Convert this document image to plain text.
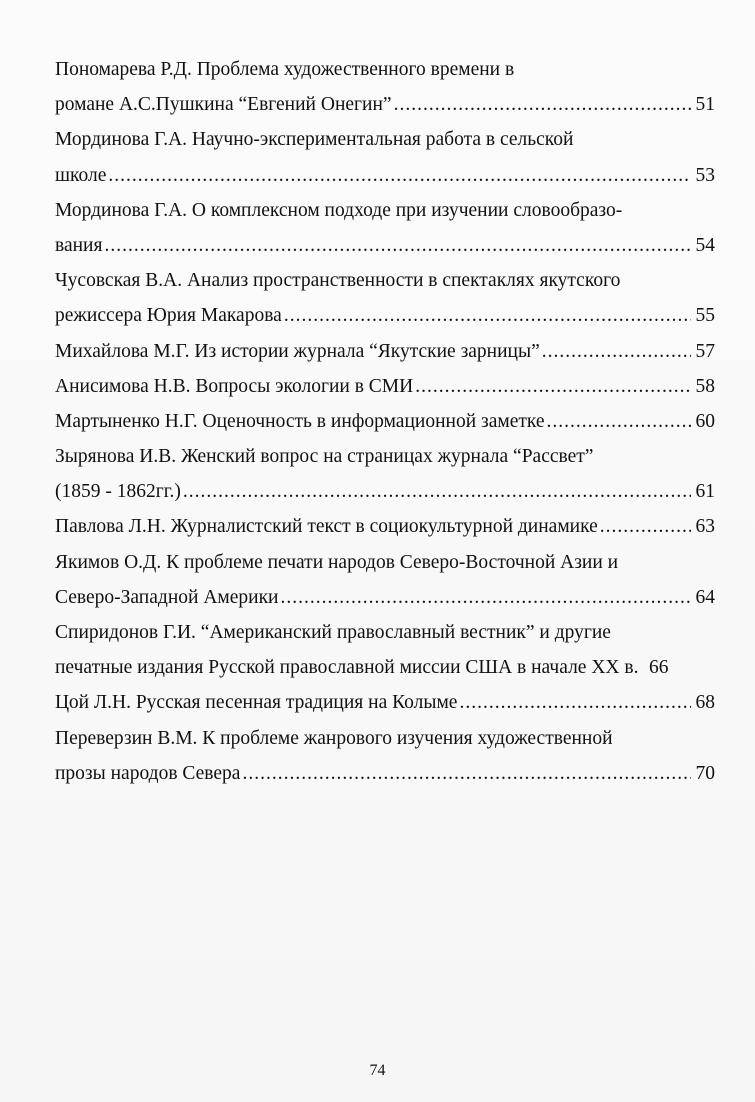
Пономарева Р.Д. Проблема художественного времени в
романе А.С.Пушкина “Евгений Онегин” .....	51
Мординова Г.А. Научно-экспериментальная работа в сельской
школе .....	53
Мординова Г.А. О комплексном подходе при изучении словообразо-
вания .....	54
Чусовская В.А. Анализ пространственности в спектаклях якутского
режиссера Юрия Макарова .....	55
Михайлова М.Г. Из истории журнала “Якутские зарницы” .....	57
Анисимова Н.В. Вопросы экологии в СМИ .....	58
Мартыненко Н.Г. Оценочность в информационной заметке .....	60
Зырянова И.В. Женский вопрос на страницах журнала “Рассвет”
(1859 - 1862гг.) .....	61
Павлова Л.Н. Журналистский текст в социокультурной динамике .....	63
Якимов О.Д. К проблеме печати народов Северо-Восточной Азии и
Северо-Западной Америки .....	64
Спиридонов Г.И. “Американский православный вестник” и другие
печатные издания Русской православной миссии США в начале XX в. 66
Цой Л.Н. Русская песенная традиция на Колыме .....	68
Переверзин В.М. К проблеме жанрового изучения художественной
прозы народов Севера .....	70
74
